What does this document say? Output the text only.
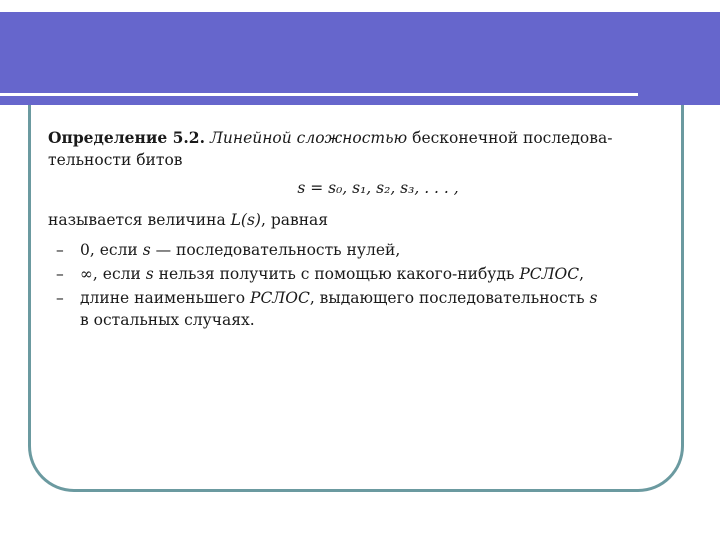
Определение 5.2. Линейной сложностью бесконечной последова-
тельности битов

s = s₀, s₁, s₂, s₃, . . . ,

называется величина L(s), равная

– 0, если s — последовательность нулей,
– ∞, если s нельзя получить с помощью какого-нибудь РСЛОС,
– длине наименьшего РСЛОС, выдающего последовательность s
в остальных случаях.
